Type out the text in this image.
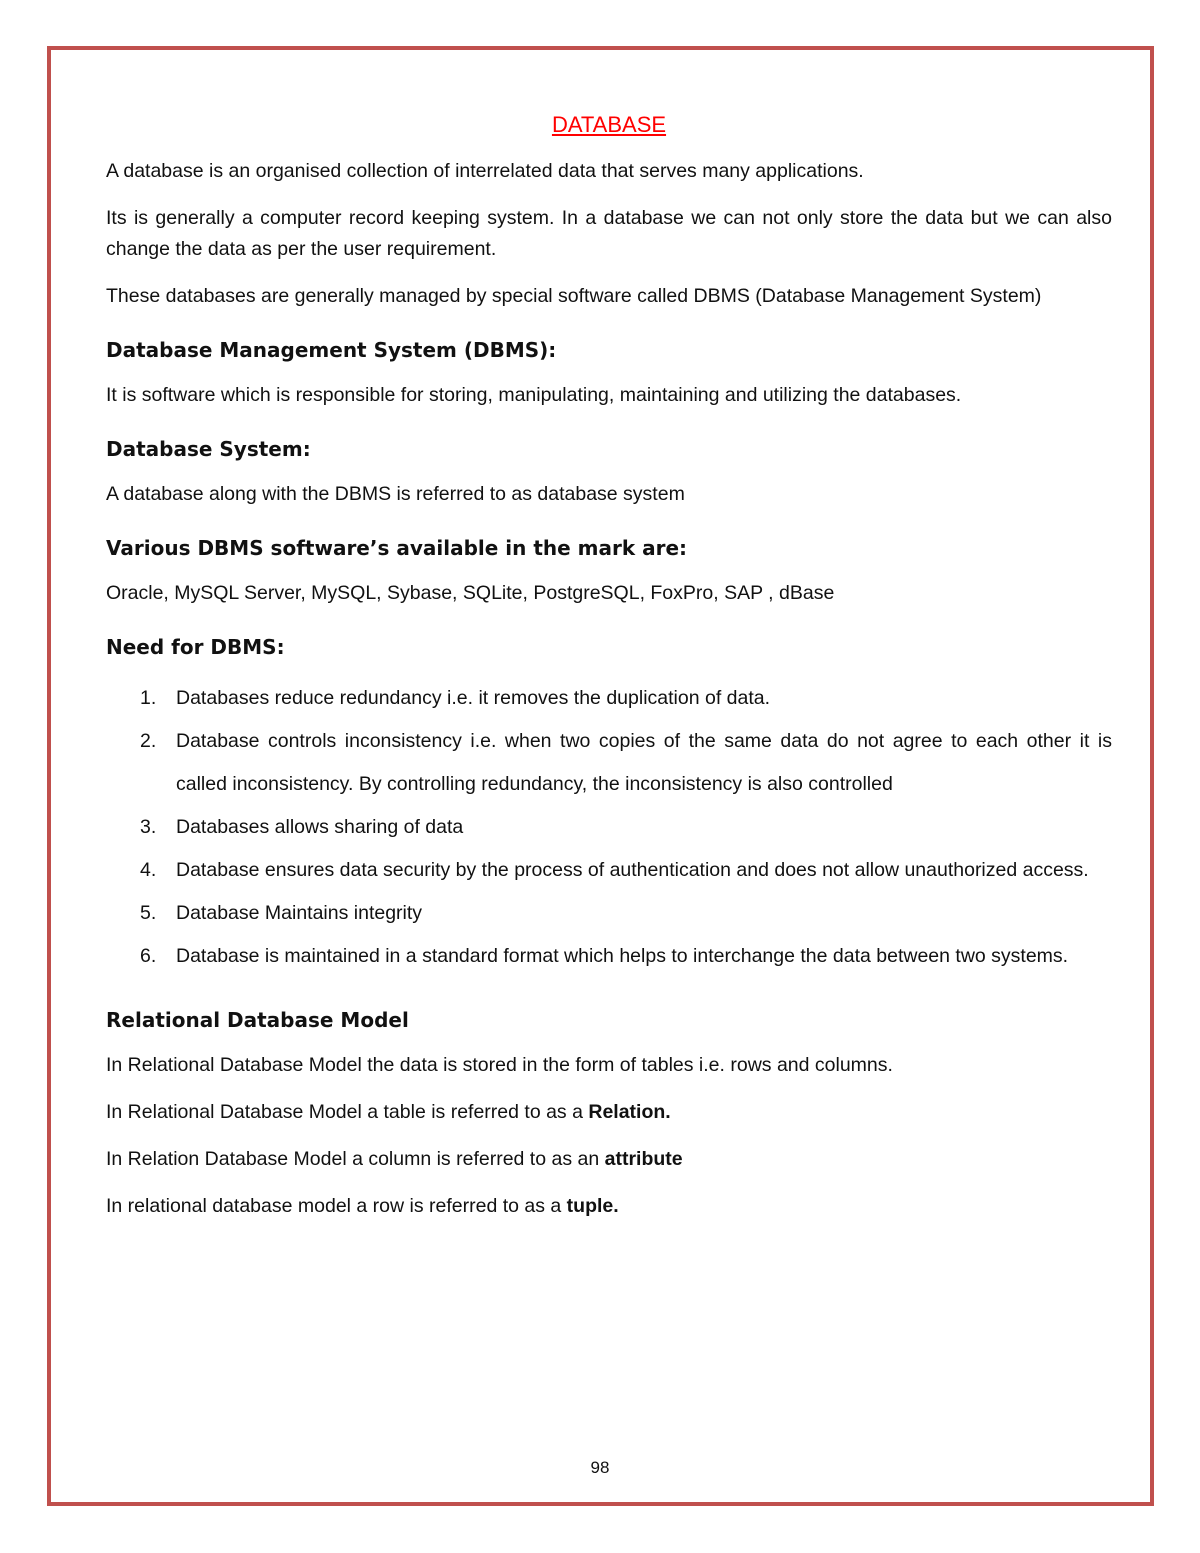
DATABASE

A database is an organised collection of interrelated data that serves many applications.

Its is generally a computer record keeping system. In a database we can not only store the data but we can also change the data as per the user requirement.

These databases are generally managed by special software called DBMS (Database Management System)

Database Management System (DBMS):

It is software which is responsible for storing, manipulating, maintaining and utilizing the databases.

Database System:

A database along with the DBMS is referred to as database system

Various DBMS software’s available in the mark are:

Oracle, MySQL Server, MySQL, Sybase, SQLite, PostgreSQL, FoxPro, SAP , dBase

Need for DBMS:
1. Databases reduce redundancy i.e. it removes the duplication of data.
2. Database controls inconsistency i.e. when two copies of the same data do not agree to each other it is called inconsistency. By controlling redundancy, the inconsistency is also controlled
3. Databases allows sharing of data
4. Database ensures data security by the process of authentication and does not allow unauthorized access.
5. Database Maintains integrity
6. Database is maintained in a standard format which helps to interchange the data between two systems.
Relational Database Model

In Relational Database Model the data is stored in the form of tables i.e. rows and columns.

In Relational Database Model a table is referred to as a Relation.

In Relation Database Model a column is referred to as an attribute

In relational database model a row is referred to as a tuple.

98
